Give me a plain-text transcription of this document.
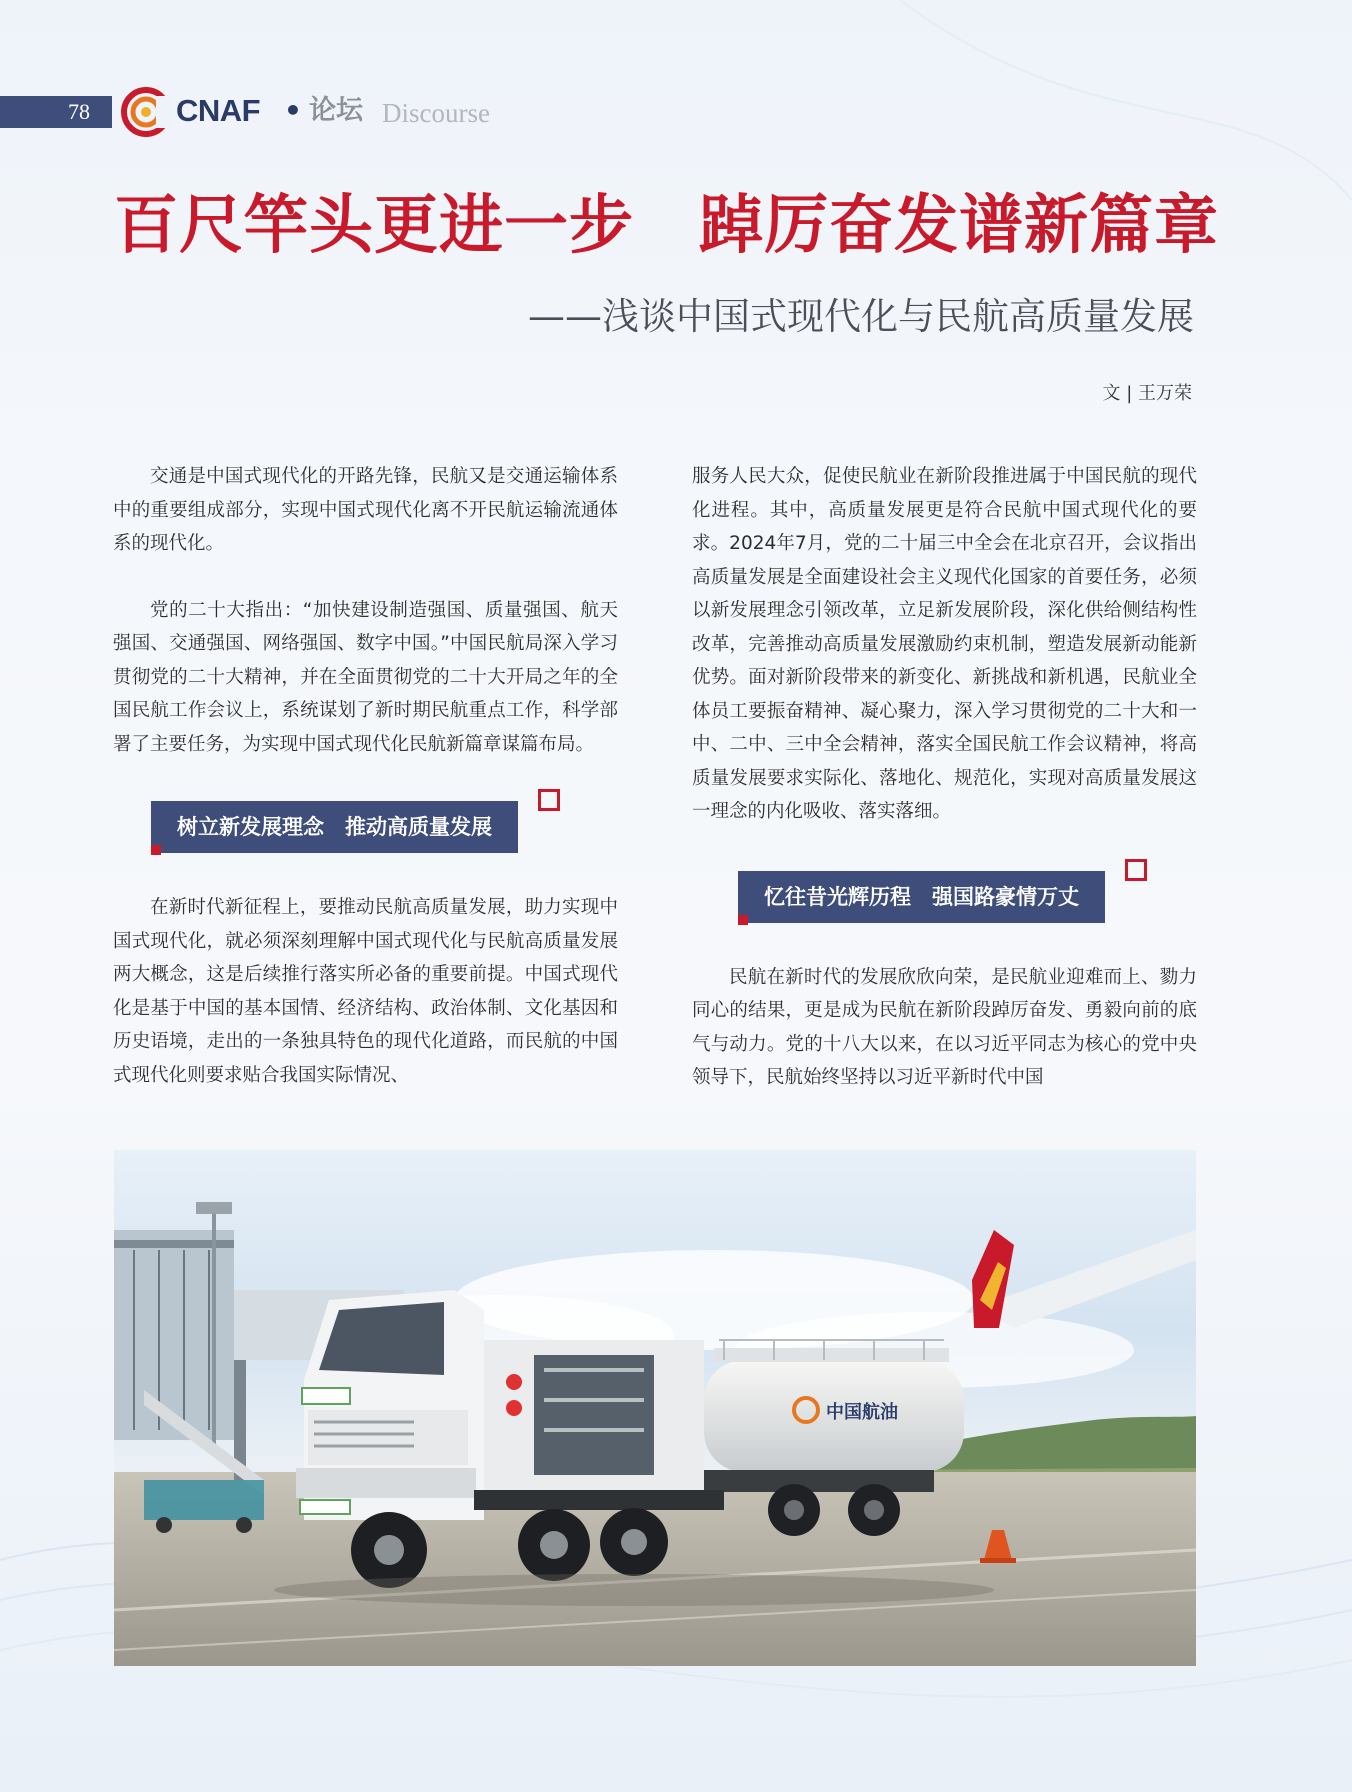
78	CNAF • 论坛 Discourse
百尺竿头更进一步　踔厉奋发谱新篇章
——浅谈中国式现代化与民航高质量发展
文 | 王万荣

交通是中国式现代化的开路先锋，民航又是交通运输体系中的重要组成部分，实现中国式现代化离不开民航运输流通体系的现代化。

党的二十大指出：“加快建设制造强国、质量强国、航天强国、交通强国、网络强国、数字中国。”中国民航局深入学习贯彻党的二十大精神，并在全面贯彻党的二十大开局之年的全国民航工作会议上，系统谋划了新时期民航重点工作，科学部署了主要任务，为实现中国式现代化民航新篇章谋篇布局。

树立新发展理念　推动高质量发展

在新时代新征程上，要推动民航高质量发展，助力实现中国式现代化，就必须深刻理解中国式现代化与民航高质量发展两大概念，这是后续推行落实所必备的重要前提。中国式现代化是基于中国的基本国情、经济结构、政治体制、文化基因和历史语境，走出的一条独具特色的现代化道路，而民航的中国式现代化则要求贴合我国实际情况、

服务人民大众，促使民航业在新阶段推进属于中国民航的现代化进程。其中，高质量发展更是符合民航中国式现代化的要求。2024年7月，党的二十届三中全会在北京召开，会议指出高质量发展是全面建设社会主义现代化国家的首要任务，必须以新发展理念引领改革，立足新发展阶段，深化供给侧结构性改革，完善推动高质量发展激励约束机制，塑造发展新动能新优势。面对新阶段带来的新变化、新挑战和新机遇，民航业全体员工要振奋精神、凝心聚力，深入学习贯彻党的二十大和一中、二中、三中全会精神，落实全国民航工作会议精神，将高质量发展要求实际化、落地化、规范化，实现对高质量发展这一理念的内化吸收、落实落细。

忆往昔光辉历程　强国路豪情万丈

民航在新时代的发展欣欣向荣，是民航业迎难而上、勠力同心的结果，更是成为民航在新阶段踔厉奋发、勇毅向前的底气与动力。党的十八大以来，在以习近平同志为核心的党中央领导下，民航始终坚持以习近平新时代中国

中国航油
